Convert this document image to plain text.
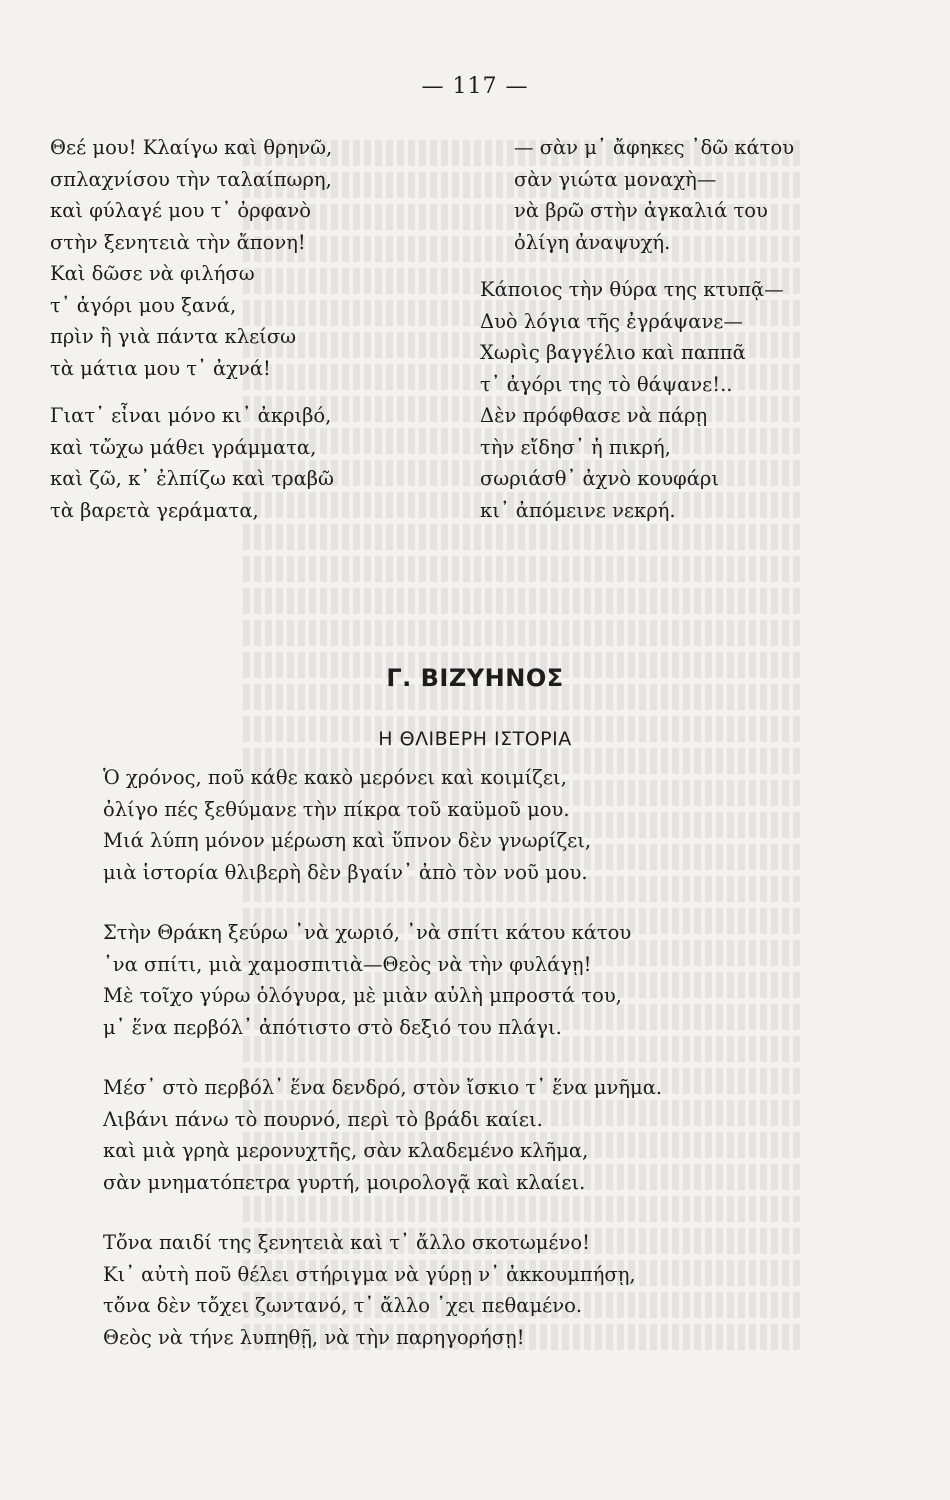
— 117 —
Θεέ μου! Κλαίγω καὶ θρηνῶ,
σπλαχνίσου τὴν ταλαίπωρη,
καὶ φύλαγέ μου τ᾿ ὀρφανὸ
στὴν ξενητειὰ τὴν ἄπονη!
Καὶ δῶσε νὰ φιλήσω
τ᾿ ἀγόρι μου ξανά,
πρὶν ἢ γιὰ πάντα κλείσω
τὰ μάτια μου τ᾿ ἀχνά!
Γιατ᾿ εἶναι μόνο κι᾿ ἀκριβό,
καὶ τὤχω μάθει γράμματα,
καὶ ζῶ, κ᾿ ἐλπίζω καὶ τραβῶ
τὰ βαρετὰ γεράματα,
— σὰν μ᾿ ἄφηκες ᾿δῶ κάτου
σὰν γιώτα μοναχὴ—
νὰ βρῶ στὴν ἀγκαλιά του
ὀλίγη ἀναψυχή.
Κάποιος τὴν θύρα της κτυπᾷ—
Δυὸ λόγια τῆς ἐγράψανε—
Χωρὶς βαγγέλιο καὶ παππᾶ
τ᾿ ἀγόρι της τὸ θάψανε!..
Δὲν πρόφθασε νὰ πάρῃ
τὴν εἴδησ᾿ ἡ πικρή,
σωριάσθ᾿ ἀχνὸ κουφάρι
κι᾿ ἀπόμεινε νεκρή.
Γ. ΒΙΖΥΗΝΟΣ
Η ΘΛΙΒΕΡΗ ΙΣΤΟΡΙΑ
Ὁ χρόνος, ποῦ κάθε κακὸ μερόνει καὶ κοιμίζει,
ὀλίγο πές ξεθύμανε τὴν πίκρα τοῦ καϋμοῦ μου.
Μιά λύπη μόνον μέρωση καὶ ὕπνον δὲν γνωρίζει,
μιὰ ἱστορία θλιβερὴ δὲν βγαίν᾿ ἀπὸ τὸν νοῦ μου.
Στὴν Θράκη ξεύρω ᾿νὰ χωριό, ᾿νὰ σπίτι κάτου κάτου
᾿να σπίτι, μιὰ χαμοσπιτιὰ—Θεὸς νὰ τὴν φυλάγῃ!
Μὲ τοῖχο γύρω ὁλόγυρα, μὲ μιὰν αὐλὴ μπροστά του,
μ᾿ ἕνα περβόλ᾿ ἀπότιστο στὸ δεξιό του πλάγι.
Μέσ᾿ στὸ περβόλ᾿ ἕνα δενδρό, στὸν ἴσκιο τ᾿ ἕνα μνῆμα.
Λιβάνι πάνω τὸ πουρνό, περὶ τὸ βράδι καίει.
καὶ μιὰ γρηὰ μερονυχτῆς, σὰν κλαδεμένο κλῆμα,
σὰν μνηματόπετρα γυρτή, μοιρολογᾷ καὶ κλαίει.
Τὄνα παιδί της ξενητειὰ καὶ τ᾿ ἄλλο σκοτωμένο!
Κι᾿ αὐτὴ ποῦ θέλει στήριγμα νὰ γύρῃ ν᾿ ἀκκουμπήσῃ,
τὄνα δὲν τὄχει ζωντανό, τ᾿ ἄλλο ᾿χει πεθαμένο.
Θεὸς νὰ τήνε λυπηθῇ, νὰ τὴν παρηγορήσῃ!
